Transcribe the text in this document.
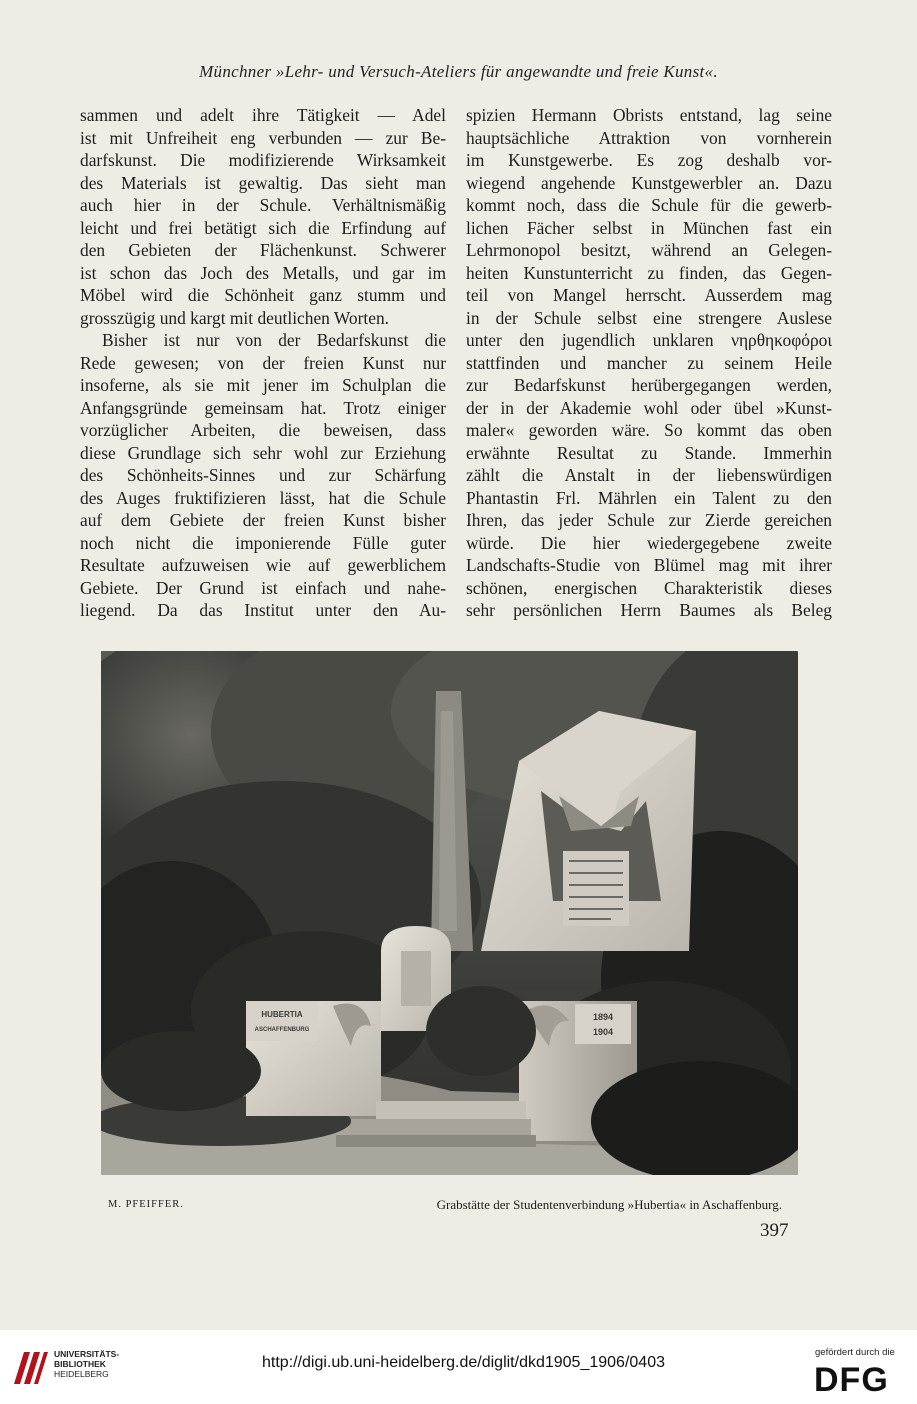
Münchner »Lehr- und Versuch-Ateliers für angewandte und freie Kunst«.
sammen und adelt ihre Tätigkeit — Adel
ist mit Unfreiheit eng verbunden — zur Be-
darfskunst. Die modifizierende Wirksamkeit
des Materials ist gewaltig. Das sieht man
auch hier in der Schule. Verhältnismäßig
leicht und frei betätigt sich die Erfindung auf
den Gebieten der Flächenkunst. Schwerer
ist schon das Joch des Metalls, und gar im
Möbel wird die Schönheit ganz stumm und
grosszügig und kargt mit deutlichen Worten.
Bisher ist nur von der Bedarfskunst die
Rede gewesen; von der freien Kunst nur
insoferne, als sie mit jener im Schulplan die
Anfangsgründe gemeinsam hat. Trotz einiger
vorzüglicher Arbeiten, die beweisen, dass
diese Grundlage sich sehr wohl zur Erziehung
des Schönheits-Sinnes und zur Schärfung
des Auges fruktifizieren lässt, hat die Schule
auf dem Gebiete der freien Kunst bisher
noch nicht die imponierende Fülle guter
Resultate aufzuweisen wie auf gewerblichem
Gebiete. Der Grund ist einfach und nahe-
liegend. Da das Institut unter den Au-
spizien Hermann Obrists entstand, lag seine
hauptsächliche Attraktion von vornherein
im Kunstgewerbe. Es zog deshalb vor-
wiegend angehende Kunstgewerbler an. Dazu
kommt noch, dass die Schule für die gewerb-
lichen Fächer selbst in München fast ein
Lehrmonopol besitzt, während an Gelegen-
heiten Kunstunterricht zu finden, das Gegen-
teil von Mangel herrscht. Ausserdem mag
in der Schule selbst eine strengere Auslese
unter den jugendlich unklaren νηρθηκοφόροι
stattfinden und mancher zu seinem Heile
zur Bedarfskunst herübergegangen werden,
der in der Akademie wohl oder übel »Kunst-
maler« geworden wäre. So kommt das oben
erwähnte Resultat zu Stande. Immerhin
zählt die Anstalt in der liebenswürdigen
Phantastin Frl. Mährlen ein Talent zu den
Ihren, das jeder Schule zur Zierde gereichen
würde. Die hier wiedergegebene zweite
Landschafts-Studie von Blümel mag mit ihrer
schönen, energischen Charakteristik dieses
sehr persönlichen Herrn Baumes als Beleg
HUBERTIA
ASCHAFFENBURG
1894
1904
M. PFEIFFER.	Grabstätte der Studentenverbindung »Hubertia« in Aschaffenburg.
397
UNIVERSITÄTS-
BIBLIOTHEK
HEIDELBERG
http://digi.ub.uni-heidelberg.de/diglit/dkd1905_1906/0403
gefördert durch die
DFG
